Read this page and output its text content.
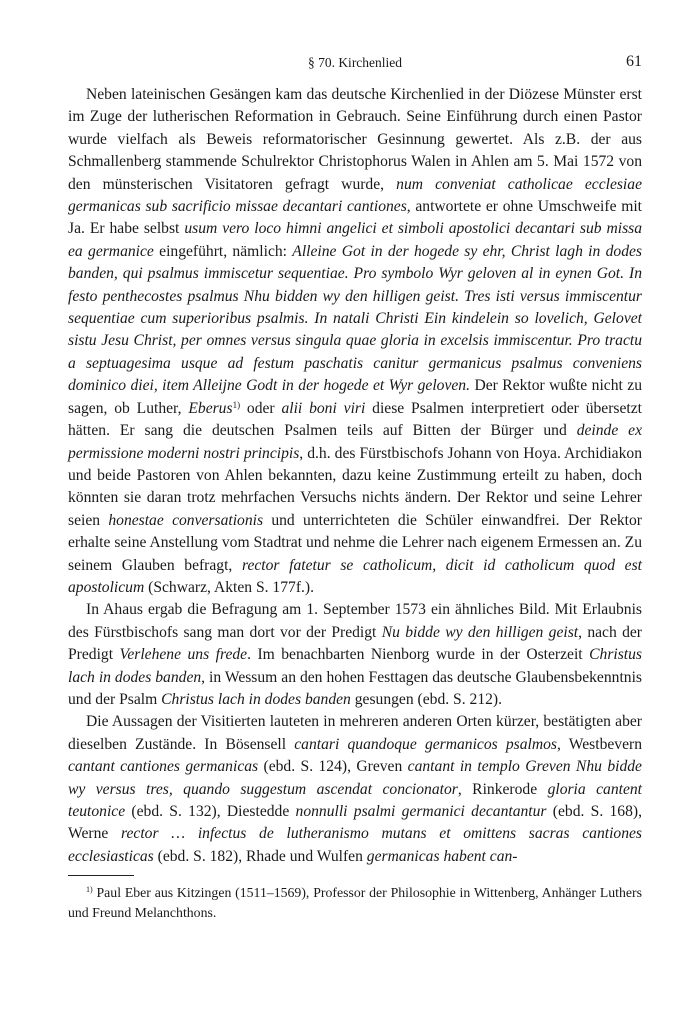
§ 70. Kirchenlied	61

Neben lateinischen Gesängen kam das deutsche Kirchenlied in der Diözese Münster erst im Zuge der lutherischen Reformation in Gebrauch. Seine Einführung durch einen Pastor wurde vielfach als Beweis reformatorischer Gesinnung gewertet. Als z.B. der aus Schmallenberg stammende Schulrektor Christophorus Walen in Ahlen am 5. Mai 1572 von den münsterischen Visitatoren gefragt wurde, num conveniat catholicae ecclesiae germanicas sub sacrificio missae decantari cantiones, antwortete er ohne Umschweife mit Ja. Er habe selbst usum vero loco himni angelici et simboli apostolici decantari sub missa ea germanice eingeführt, nämlich: Alleine Got in der hogede sy ehr, Christ lagh in dodes banden, qui psalmus immiscetur sequentiae. Pro symbolo Wyr geloven al in eynen Got. In festo penthecostes psalmus Nhu bidden wy den hilligen geist. Tres isti versus immiscentur sequentiae cum superioribus psalmis. In natali Christi Ein kindelein so lovelich, Gelovet sistu Jesu Christ, per omnes versus singula quae gloria in excelsis immiscentur. Pro tractu a septuagesima usque ad festum paschatis canitur germanicus psalmus conveniens dominico diei, item Alleijne Godt in der hogede et Wyr geloven. Der Rektor wußte nicht zu sagen, ob Luther, Eberus$^{1)}$ oder alii boni viri diese Psalmen interpretiert oder übersetzt hätten. Er sang die deutschen Psalmen teils auf Bitten der Bürger und deinde ex permissione moderni nostri principis, d.h. des Fürstbischofs Johann von Hoya. Archidiakon und beide Pastoren von Ahlen bekannten, dazu keine Zustimmung erteilt zu haben, doch könnten sie daran trotz mehrfachen Versuchs nichts ändern. Der Rektor und seine Lehrer seien honestae conversationis und unterrichteten die Schüler einwandfrei. Der Rektor erhalte seine Anstellung vom Stadtrat und nehme die Lehrer nach eigenem Ermessen an. Zu seinem Glauben befragt, rector fatetur se catholicum, dicit id catholicum quod est apostolicum (Schwarz, Akten S. 177f.).

In Ahaus ergab die Befragung am 1. September 1573 ein ähnliches Bild. Mit Erlaubnis des Fürstbischofs sang man dort vor der Predigt Nu bidde wy den hilligen geist, nach der Predigt Verlehene uns frede. Im benachbarten Nienborg wurde in der Osterzeit Christus lach in dodes banden, in Wessum an den hohen Festtagen das deutsche Glaubensbekenntnis und der Psalm Christus lach in dodes banden gesungen (ebd. S. 212).

Die Aussagen der Visitierten lauteten in mehreren anderen Orten kürzer, bestätigten aber dieselben Zustände. In Bösensell cantari quandoque germanicos psalmos, Westbevern cantant cantiones germanicas (ebd. S. 124), Greven cantant in templo Greven Nhu bidde wy versus tres, quando suggestum ascendat concionator, Rinkerode gloria cantent teutonice (ebd. S. 132), Diestedde nonnulli psalmi germanici decantantur (ebd. S. 168), Werne rector … infectus de lutheranismo mutans et omittens sacras cantiones ecclesiasticas (ebd. S. 182), Rhade und Wulfen germanicas habent can-

$^{1)}$ Paul Eber aus Kitzingen (1511–1569), Professor der Philosophie in Wittenberg, Anhänger Luthers und Freund Melanchthons.
